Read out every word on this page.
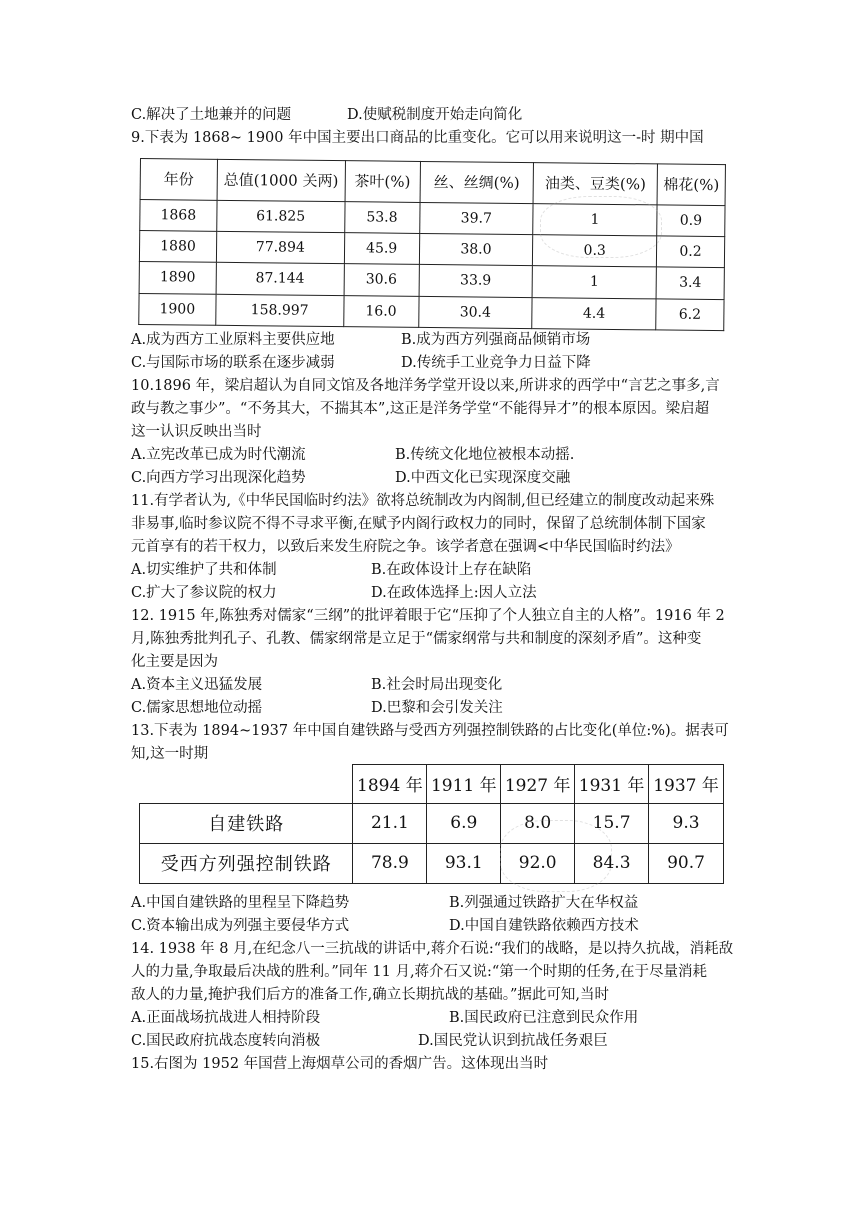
C.解决了土地兼并的问题	D.使赋税制度开始走向简化
9.下表为 1868~ 1900 年中国主要出口商品的比重变化。它可以用来说明这一-时 期中国
年份	总值(1000 关两)	茶叶(%)	丝、丝绸(%)	油类、豆类(%)	棉花(%)
1868	61.825	53.8	39.7	1	0.9
1880	77.894	45.9	38.0	0.3	0.2
1890	87.144	30.6	33.9	1	3.4
1900	158.997	16.0	30.4	4.4	6.2
A.成为西方工业原料主要供应地	B.成为西方列强商品倾销市场
C.与国际市场的联系在逐步减弱	D.传统手工业竞争力日益下降
10.1896 年，梁启超认为自同文馆及各地洋务学堂开设以来,所讲求的西学中“言艺之事多,言
政与教之事少”。“不务其大，不揣其本”,这正是洋务学堂“不能得异才”的根本原因。梁启超
这一认识反映出当时
A.立宪改革已成为时代潮流	B.传统文化地位被根本动摇.
C.向西方学习出现深化趋势	D.中西文化已实现深度交融
11.有学者认为,《中华民国临时约法》欲将总统制改为内阁制,但已经建立的制度改动起来殊
非易事,临时参议院不得不寻求平衡,在赋予内阁行政权力的同时，保留了总统制体制下国家
元首享有的若干权力，以致后来发生府院之争。该学者意在强调<中华民国临时约法》
A.切实维护了共和体制	B.在政体设计上存在缺陷
C.扩大了参议院的权力	D.在政体选择上:因人立法
12. 1915 年,陈独秀对儒家“三纲”的批评着眼于它“压抑了个人独立自主的人格”。1916 年 2
月,陈独秀批判孔子、孔教、儒家纲常是立足于“儒家纲常与共和制度的深刻矛盾”。这种变
化主要是因为
A.资本主义迅猛发展	B.社会时局出现变化
C.儒家思想地位动摇	D.巴黎和会引发关注
13.下表为 1894~1937 年中国自建铁路与受西方列强控制铁路的占比变化(单位:%)。据表可
知,这一时期
	1894 年	1911 年	1927 年	1931 年	1937 年
自建铁路	21.1	6.9	8.0	15.7	9.3
受西方列强控制铁路	78.9	93.1	92.0	84.3	90.7
A.中国自建铁路的里程呈下降趋势	B.列强通过铁路扩大在华权益
C.资本输出成为列强主要侵华方式	D.中国自建铁路依赖西方技术
14. 1938 年 8 月,在纪念八一三抗战的讲话中,蒋介石说:“我们的战略，是以持久抗战，消耗敌
人的力量,争取最后决战的胜利。”同年 11 月,蒋介石又说:“第一个时期的任务,在于尽量消耗
敌人的力量,掩护我们后方的准备工作,确立长期抗战的基础。”据此可知,当时
A.正面战场抗战进人相持阶段	B.国民政府已注意到民众作用
C.国民政府抗战态度转向消极	D.国民党认识到抗战任务艰巨
15.右图为 1952 年国营上海烟草公司的香烟广告。这体现出当时
